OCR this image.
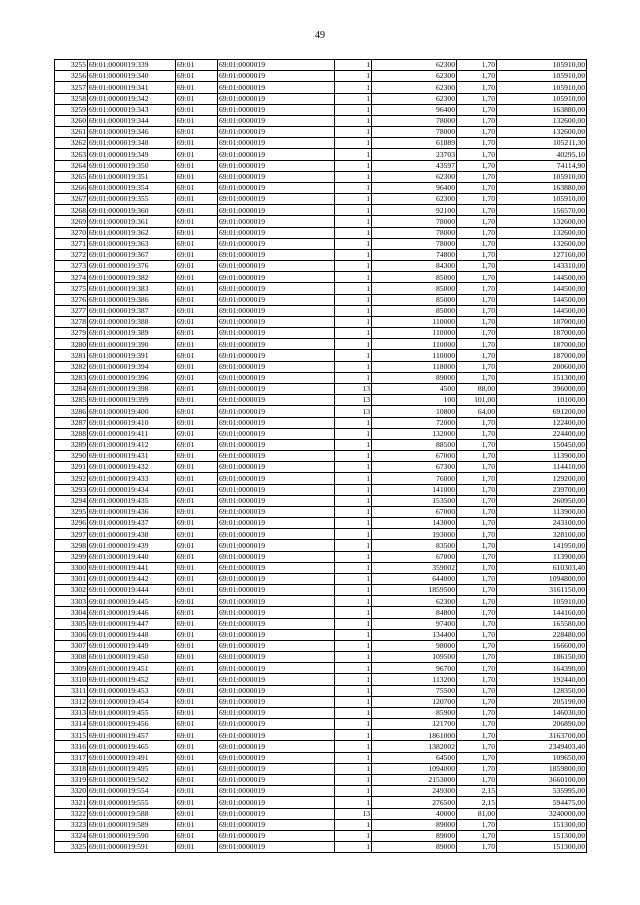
49
3255	69:01:0000019:339	69:01	69:01:0000019	1	62300	1,70	105910,00
3256	69:01:0000019:340	69:01	69:01:0000019	1	62300	1,70	105910,00
3257	69:01:0000019:341	69:01	69:01:0000019	1	62300	1,70	105910,00
3258	69:01:0000019:342	69:01	69:01:0000019	1	62300	1,70	105910,00
3259	69:01:0000019:343	69:01	69:01:0000019	1	96400	1,70	163880,00
3260	69:01:0000019:344	69:01	69:01:0000019	1	78000	1,70	132600,00
3261	69:01:0000019:346	69:01	69:01:0000019	1	78000	1,70	132600,00
3262	69:01:0000019:348	69:01	69:01:0000019	1	61889	1,70	105211,30
3263	69:01:0000019:349	69:01	69:01:0000019	1	23703	1,70	40295,10
3264	69:01:0000019:350	69:01	69:01:0000019	1	43597	1,70	74114,90
3265	69:01:0000019:351	69:01	69:01:0000019	1	62300	1,70	105910,00
3266	69:01:0000019:354	69:01	69:01:0000019	1	96400	1,70	163880,00
3267	69:01:0000019:355	69:01	69:01:0000019	1	62300	1,70	105910,00
3268	69:01:0000019:360	69:01	69:01:0000019	1	92100	1,70	156570,00
3269	69:01:0000019:361	69:01	69:01:0000019	1	78000	1,70	132600,00
3270	69:01:0000019:362	69:01	69:01:0000019	1	78000	1,70	132600,00
3271	69:01:0000019:363	69:01	69:01:0000019	1	78000	1,70	132600,00
3272	69:01:0000019:367	69:01	69:01:0000019	1	74800	1,70	127160,00
3273	69:01:0000019:376	69:01	69:01:0000019	1	84300	1,70	143310,00
3274	69:01:0000019:382	69:01	69:01:0000019	1	85000	1,70	144500,00
3275	69:01:0000019:383	69:01	69:01:0000019	1	85000	1,70	144500,00
3276	69:01:0000019:386	69:01	69:01:0000019	1	85000	1,70	144500,00
3277	69:01:0000019:387	69:01	69:01:0000019	1	85000	1,70	144500,00
3278	69:01:0000019:388	69:01	69:01:0000019	1	110000	1,70	187000,00
3279	69:01:0000019:389	69:01	69:01:0000019	1	110000	1,70	187000,00
3280	69:01:0000019:390	69:01	69:01:0000019	1	110000	1,70	187000,00
3281	69:01:0000019:391	69:01	69:01:0000019	1	110000	1,70	187000,00
3282	69:01:0000019:394	69:01	69:01:0000019	1	118000	1,70	200600,00
3283	69:01:0000019:396	69:01	69:01:0000019	1	89000	1,70	151300,00
3284	69:01:0000019:398	69:01	69:01:0000019	13	4500	88,00	396000,00
3285	69:01:0000019:399	69:01	69:01:0000019	13	100	101,00	10100,00
3286	69:01:0000019:400	69:01	69:01:0000019	13	10800	64,00	691200,00
3287	69:01:0000019:410	69:01	69:01:0000019	1	72000	1,70	122400,00
3288	69:01:0000019:411	69:01	69:01:0000019	1	132000	1,70	224400,00
3289	69:01:0000019:412	69:01	69:01:0000019	1	88500	1,70	150450,00
3290	69:01:0000019:431	69:01	69:01:0000019	1	67000	1,70	113900,00
3291	69:01:0000019:432	69:01	69:01:0000019	1	67300	1,70	114410,00
3292	69:01:0000019:433	69:01	69:01:0000019	1	76000	1,70	129200,00
3293	69:01:0000019:434	69:01	69:01:0000019	1	141000	1,70	239700,00
3294	69:01:0000019:435	69:01	69:01:0000019	1	153500	1,70	260950,00
3295	69:01:0000019:436	69:01	69:01:0000019	1	67000	1,70	113900,00
3296	69:01:0000019:437	69:01	69:01:0000019	1	143000	1,70	243100,00
3297	69:01:0000019:438	69:01	69:01:0000019	1	193000	1,70	328100,00
3298	69:01:0000019:439	69:01	69:01:0000019	1	83500	1,70	141950,00
3299	69:01:0000019:440	69:01	69:01:0000019	1	67000	1,70	113900,00
3300	69:01:0000019:441	69:01	69:01:0000019	1	359002	1,70	610303,40
3301	69:01:0000019:442	69:01	69:01:0000019	1	644000	1,70	1094800,00
3302	69:01:0000019:444	69:01	69:01:0000019	1	1859500	1,70	3161150,00
3303	69:01:0000019:445	69:01	69:01:0000019	1	62300	1,70	105910,00
3304	69:01:0000019:446	69:01	69:01:0000019	1	84800	1,70	144160,00
3305	69:01:0000019:447	69:01	69:01:0000019	1	97400	1,70	165580,00
3306	69:01:0000019:448	69:01	69:01:0000019	1	134400	1,70	228480,00
3307	69:01:0000019:449	69:01	69:01:0000019	1	98000	1,70	166600,00
3308	69:01:0000019:450	69:01	69:01:0000019	1	109500	1,70	186150,00
3309	69:01:0000019:451	69:01	69:01:0000019	1	96700	1,70	164390,00
3310	69:01:0000019:452	69:01	69:01:0000019	1	113200	1,70	192440,00
3311	69:01:0000019:453	69:01	69:01:0000019	1	75500	1,70	128350,00
3312	69:01:0000019:454	69:01	69:01:0000019	1	120700	1,70	205190,00
3313	69:01:0000019:455	69:01	69:01:0000019	1	85900	1,70	146030,00
3314	69:01:0000019:456	69:01	69:01:0000019	1	121700	1,70	206890,00
3315	69:01:0000019:457	69:01	69:01:0000019	1	1861000	1,70	3163700,00
3316	69:01:0000019:465	69:01	69:01:0000019	1	1382002	1,70	2349403,40
3317	69:01:0000019:491	69:01	69:01:0000019	1	64500	1,70	109650,00
3318	69:01:0000019:495	69:01	69:01:0000019	1	1094000	1,70	1859800,00
3319	69:01:0000019:502	69:01	69:01:0000019	1	2153000	1,70	3660100,00
3320	69:01:0000019:554	69:01	69:01:0000019	1	249300	2,15	535995,00
3321	69:01:0000019:555	69:01	69:01:0000019	1	276500	2,15	594475,00
3322	69:01:0000019:588	69:01	69:01:0000019	13	40000	81,00	3240000,00
3323	69:01:0000019:589	69:01	69:01:0000019	1	89000	1,70	151300,00
3324	69:01:0000019:590	69:01	69:01:0000019	1	89000	1,70	151300,00
3325	69:01:0000019:591	69:01	69:01:0000019	1	89000	1,70	151300,00
